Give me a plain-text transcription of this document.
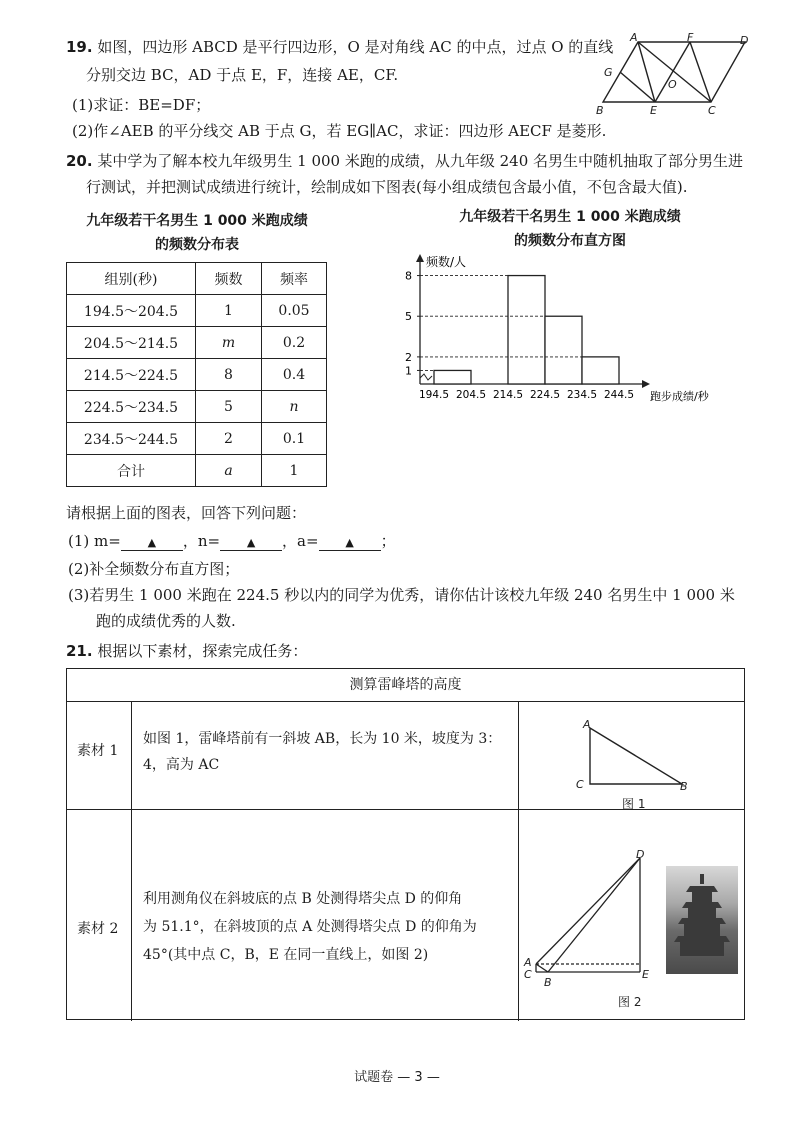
19. 如图，四边形 ABCD 是平行四边形，O 是对角线 AC 的中点，过点 O 的直线
分别交边 BC，AD 于点 E，F，连接 AE，CF.
(1)求证：BE=DF；
(2)作∠AEB 的平分线交 AB 于点 G，若 EG∥AC，求证：四边形 AECF 是菱形.
A	F	D
G
O
B	E	C
20. 某中学为了解本校九年级男生 1 000 米跑的成绩，从九年级 240 名男生中随机抽取了部分男生进
行测试，并把测试成绩进行统计，绘制成如下图表(每小组成绩包含最小值，不包含最大值).
九年级若干名男生 1 000 米跑成绩
的频数分布表
九年级若干名男生 1 000 米跑成绩
的频数分布直方图
组别(秒)	频数	频率
194.5～204.5	1	0.05
204.5～214.5	m	0.2
214.5～224.5	8	0.4
224.5～234.5	5	n
234.5～244.5	2	0.1
合计	a	1
频数/人
跑步成绩/秒
1
2
5
8
194.5 204.5 214.5 224.5 234.5 244.5
请根据上面的图表，回答下列问题：
(1) m= ▲ ，n= ▲ ，a= ▲ ；
(2)补全频数分布直方图；
(3)若男生 1 000 米跑在 224.5 秒以内的同学为优秀，请你估计该校九年级 240 名男生中 1 000 米
跑的成绩优秀的人数.
21. 根据以下素材，探索完成任务：
测算雷峰塔的高度
素材 1
如图 1，雷峰塔前有一斜坡 AB，长为 10 米，坡度为 3：
4，高为 AC
素材 2
利用测角仪在斜坡底的点 B 处测得塔尖点 D 的仰角
为 51.1°，在斜坡顶的点 A 处测得塔尖点 D 的仰角为
45°(其中点 C，B，E 在同一直线上，如图 2)
A
C	B
图 1
D
A
C
B
E
图 2
试题卷 — 3 —
